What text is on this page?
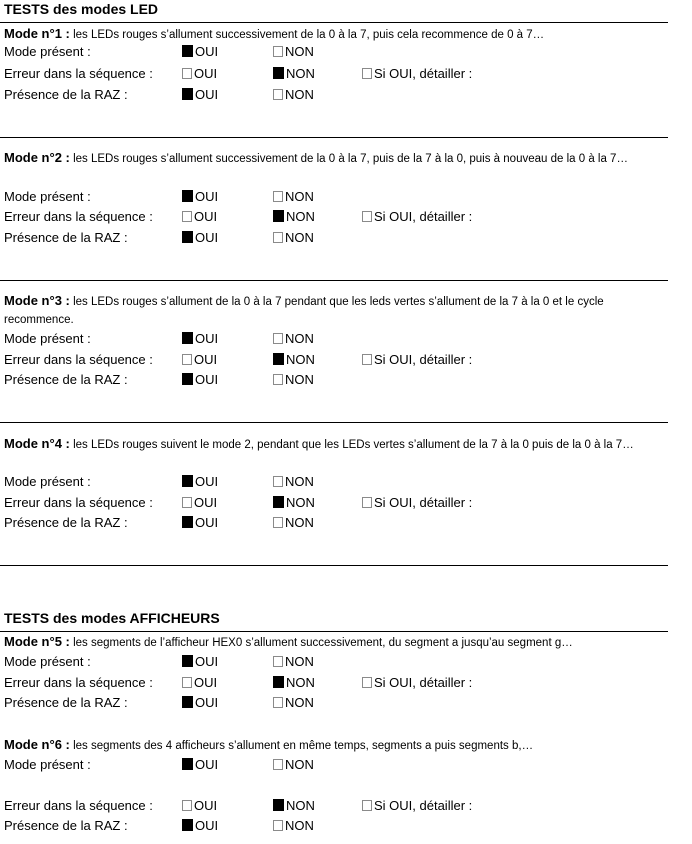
TESTS des modes LED
Mode n°1 : les LEDs rouges s’allument successivement de la 0 à la 7, puis cela recommence de 0 à 7…
Mode présent :	OUI	NON
Erreur dans la séquence :	OUI	NON	Si OUI, détailler :
Présence de la RAZ :	OUI	NON
Mode n°2 : les LEDs rouges s’allument successivement de la 0 à la 7, puis de la 7 à la 0, puis à nouveau de la 0 à la 7…
Mode présent :	OUI	NON
Erreur dans la séquence :	OUI	NON	Si OUI, détailler :
Présence de la RAZ :	OUI	NON
Mode n°3 : les LEDs rouges s’allument de la 0 à la 7 pendant que les leds vertes s’allument de la 7 à la 0 et le cycle recommence.
Mode présent :	OUI	NON
Erreur dans la séquence :	OUI	NON	Si OUI, détailler :
Présence de la RAZ :	OUI	NON
Mode n°4 : les LEDs rouges suivent le mode 2, pendant que les LEDs vertes s’allument de la 7 à la 0 puis de la 0 à la 7…
Mode présent :	OUI	NON
Erreur dans la séquence :	OUI	NON	Si OUI, détailler :
Présence de la RAZ :	OUI	NON
TESTS des modes AFFICHEURS
Mode n°5 : les segments de l’afficheur HEX0 s’allument successivement, du segment a jusqu’au segment g…
Mode présent :	OUI	NON
Erreur dans la séquence :	OUI	NON	Si OUI, détailler :
Présence de la RAZ :	OUI	NON
Mode n°6 : les segments des 4 afficheurs s’allument en même temps, segments a puis segments b,…
Mode présent :	OUI	NON
Erreur dans la séquence :	OUI	NON	Si OUI, détailler :
Présence de la RAZ :	OUI	NON
